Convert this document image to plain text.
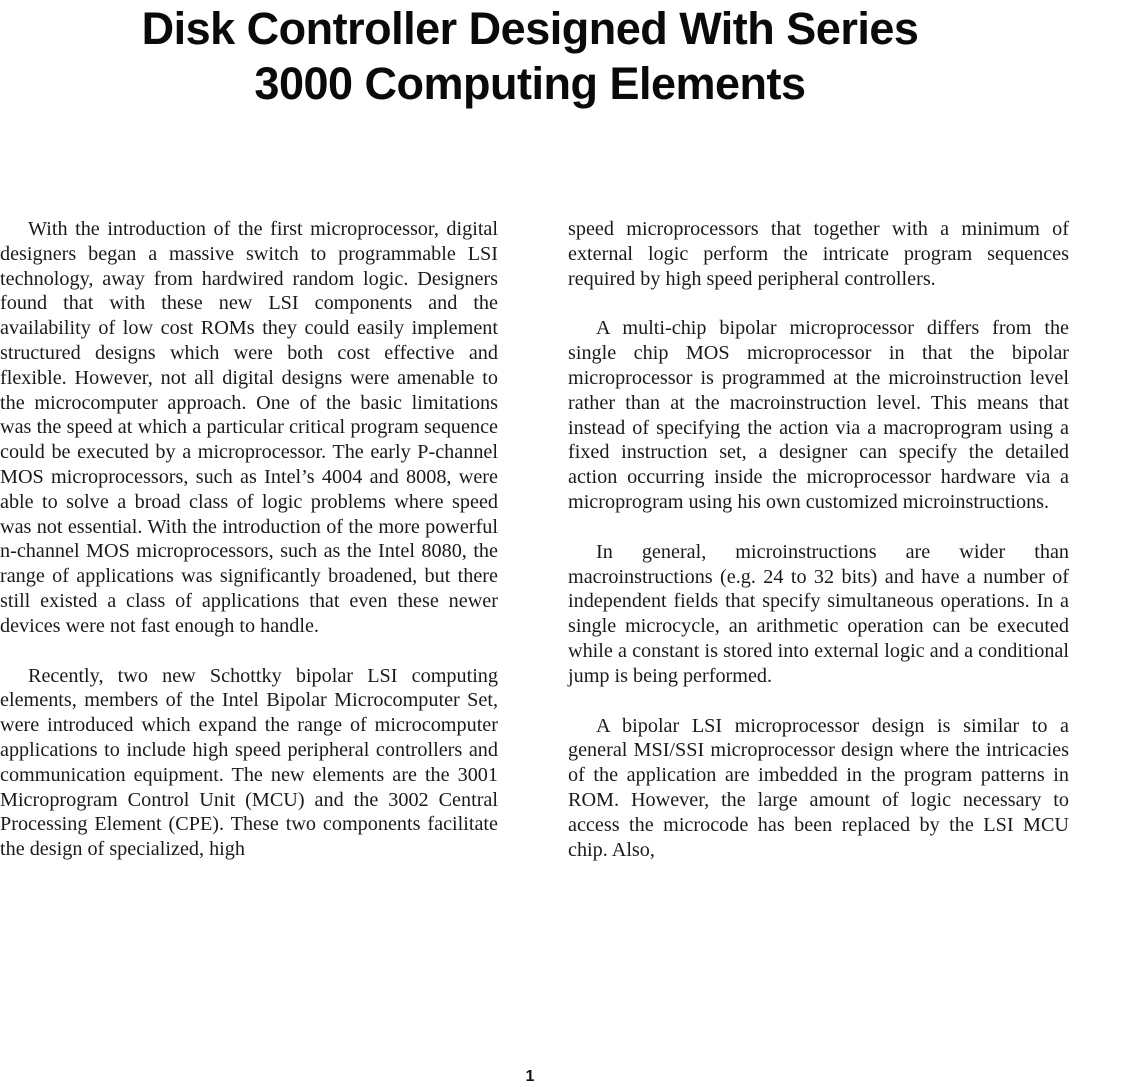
Disk Controller Designed With Series
3000 Computing Elements

With the introduction of the first microprocessor, digital designers began a massive switch to programmable LSI technology, away from hardwired random logic. Designers found that with these new LSI components and the availability of low cost ROMs they could easily implement structured designs which were both cost effective and flexible. However, not all digital designs were amenable to the microcomputer approach. One of the basic limitations was the speed at which a particular critical program sequence could be executed by a microprocessor. The early P-channel MOS microprocessors, such as Intel’s 4004 and 8008, were able to solve a broad class of logic problems where speed was not essential. With the introduction of the more powerful n-channel MOS microprocessors, such as the Intel 8080, the range of applications was significantly broadened, but there still existed a class of applications that even these newer devices were not fast enough to handle.

Recently, two new Schottky bipolar LSI computing elements, members of the Intel Bipolar Microcomputer Set, were introduced which expand the range of microcomputer applications to include high speed peripheral controllers and communication equipment. The new elements are the 3001 Microprogram Control Unit (MCU) and the 3002 Central Processing Element (CPE). These two components facilitate the design of specialized, high

speed microprocessors that together with a minimum of external logic perform the intricate program sequences required by high speed peripheral controllers.

A multi-chip bipolar microprocessor differs from the single chip MOS microprocessor in that the bipolar microprocessor is programmed at the microinstruction level rather than at the macroinstruction level. This means that instead of specifying the action via a macroprogram using a fixed instruction set, a designer can specify the detailed action occurring inside the microprocessor hardware via a microprogram using his own customized microinstructions.

In general, microinstructions are wider than macroinstructions (e.g. 24 to 32 bits) and have a number of independent fields that specify simultaneous operations. In a single microcycle, an arithmetic operation can be executed while a constant is stored into external logic and a conditional jump is being performed.

A bipolar LSI microprocessor design is similar to a general MSI/SSI microprocessor design where the intricacies of the application are imbedded in the program patterns in ROM. However, the large amount of logic necessary to access the microcode has been replaced by the LSI MCU chip. Also,

1
